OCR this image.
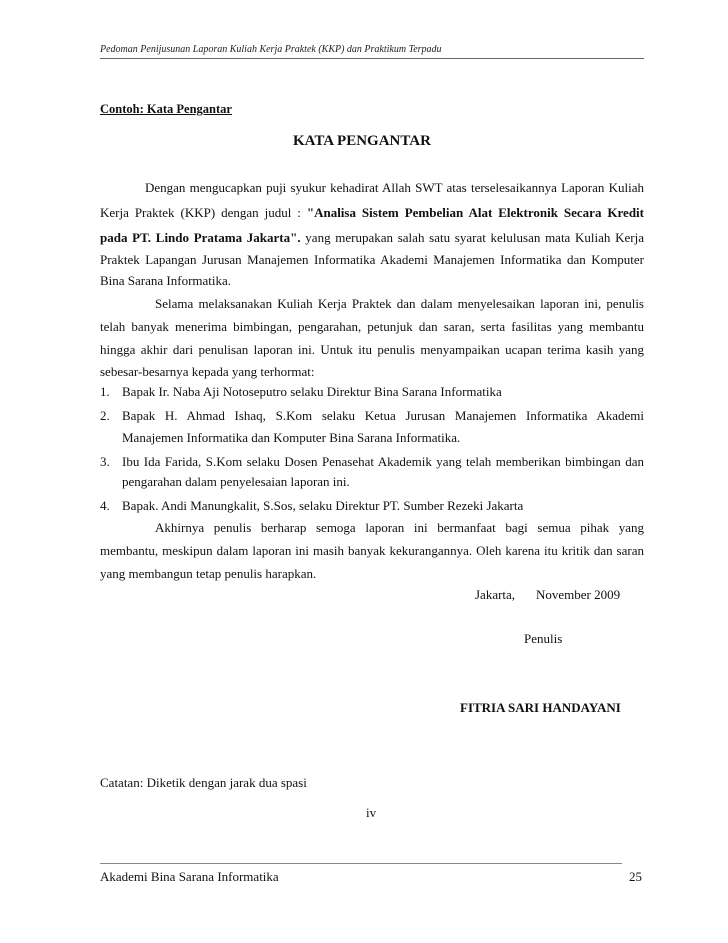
Pedoman Penijusunan Laporan Kuliah Kerja Praktek (KKP) dan Praktikum Terpadu
Contoh: Kata Pengantar
KATA PENGANTAR
Dengan mengucapkan puji syukur kehadirat Allah SWT atas terselesaikannya Laporan Kuliah
Kerja Praktek (KKP) dengan judul : "Analisa Sistem Pembelian Alat Elektronik Secara Kredit
pada PT. Lindo Pratama Jakarta". yang merupakan salah satu syarat kelulusan mata Kuliah Kerja
Praktek Lapangan Jurusan Manajemen Informatika Akademi Manajemen Informatika dan Komputer
Bina Sarana Informatika.
Selama melaksanakan Kuliah Kerja Praktek dan dalam menyelesaikan laporan ini, penulis
telah banyak menerima bimbingan, pengarahan, petunjuk dan saran, serta fasilitas yang membantu
hingga akhir dari penulisan laporan ini. Untuk itu penulis menyampaikan ucapan terima kasih yang
sebesar-besarnya kepada yang terhormat:
1. Bapak Ir. Naba Aji Notoseputro selaku Direktur Bina Sarana Informatika
2. Bapak H. Ahmad Ishaq, S.Kom selaku Ketua Jurusan Manajemen Informatika Akademi
Manajemen Informatika dan Komputer Bina Sarana Informatika.
3. Ibu Ida Farida, S.Kom selaku Dosen Penasehat Akademik yang telah memberikan bimbingan dan
pengarahan dalam penyelesaian laporan ini.
4. Bapak. Andi Manungkalit, S.Sos, selaku Direktur PT. Sumber Rezeki Jakarta
Akhirnya penulis berharap semoga laporan ini bermanfaat bagi semua pihak yang
membantu, meskipun dalam laporan ini masih banyak kekurangannya. Oleh karena itu kritik dan saran
yang membangun tetap penulis harapkan.
Jakarta, November 2009
Penulis
FITRIA SARI HANDAYANI
Catatan: Diketik dengan jarak dua spasi
iv
Akademi Bina Sarana Informatika	25
